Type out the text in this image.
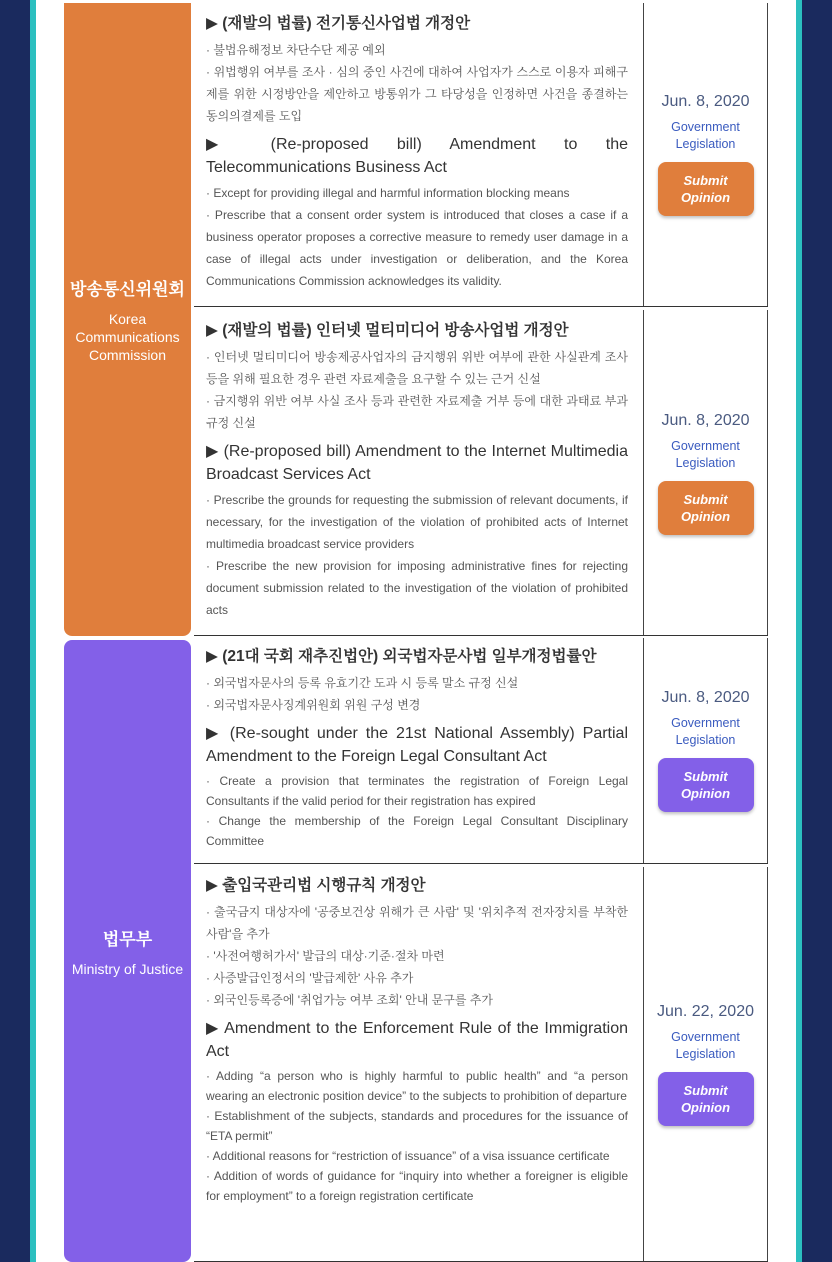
방송통신위원회
Korea Communications Commission
법무부
Ministry of Justice
▶ (재발의 법률) 전기통신사업법 개정안

· 불법유해정보 차단수단 제공 예외

· 위법행위 여부를 조사 · 심의 중인 사건에 대하여 사업자가 스스로 이용자 피해구제를 위한 시정방안을 제안하고 방통위가 그 타당성을 인정하면 사건을 종결하는 동의의결제를 도입

▶ (Re-proposed bill) Amendment to the Telecommunications Business Act

· Except for providing illegal and harmful information blocking means

· Prescribe that a consent order system is introduced that closes a case if a business operator proposes a corrective measure to remedy user damage in a case of illegal acts under investigation or deliberation, and the Korea Communications Commission acknowledges its validity.

Jun. 8, 2020
Government Legislation
Submit Opinion
▶ (재발의 법률) 인터넷 멀티미디어 방송사업법 개정안

· 인터넷 멀티미디어 방송제공사업자의 금지행위 위반 여부에 관한 사실관계 조사 등을 위해 필요한 경우 관련 자료제출을 요구할 수 있는 근거 신설

· 금지행위 위반 여부 사실 조사 등과 관련한 자료제출 거부 등에 대한 과태료 부과 규정 신설

▶ (Re-proposed bill) Amendment to the Internet Multimedia Broadcast Services Act

· Prescribe the grounds for requesting the submission of relevant documents, if necessary, for the investigation of the violation of prohibited acts of Internet multimedia broadcast service providers

· Prescribe the new provision for imposing administrative fines for rejecting document submission related to the investigation of the violation of prohibited acts

Jun. 8, 2020
Government Legislation
Submit Opinion
▶ (21대 국회 재추진법안) 외국법자문사법 일부개정법률안

· 외국법자문사의 등록 유효기간 도과 시 등록 말소 규정 신설

· 외국법자문사징계위원회 위원 구성 변경

▶ (Re-sought under the 21st National Assembly) Partial Amendment to the Foreign Legal Consultant Act

· Create a provision that terminates the registration of Foreign Legal Consultants if the valid period for their registration has expired

· Change the membership of the Foreign Legal Consultant Disciplinary Committee

Jun. 8, 2020
Government Legislation
Submit Opinion
▶ 출입국관리법 시행규칙 개정안

· 출국금지 대상자에 '공중보건상 위해가 큰 사람' 및 '위치추적 전자장치를 부착한 사람'을 추가

· '사전여행허가서' 발급의 대상·기준·절차 마련

· 사증발급인정서의 '발급제한' 사유 추가

· 외국인등록증에 '취업가능 여부 조회' 안내 문구를 추가

▶ Amendment to the Enforcement Rule of the Immigration Act

· Adding “a person who is highly harmful to public health” and “a person wearing an electronic position device” to the subjects to prohibition of departure

· Establishment of the subjects, standards and procedures for the issuance of “ETA permit”

· Additional reasons for “restriction of issuance” of a visa issuance certificate

· Addition of words of guidance for “inquiry into whether a foreigner is eligible for employment” to a foreign registration certificate

Jun. 22, 2020
Government Legislation
Submit Opinion
